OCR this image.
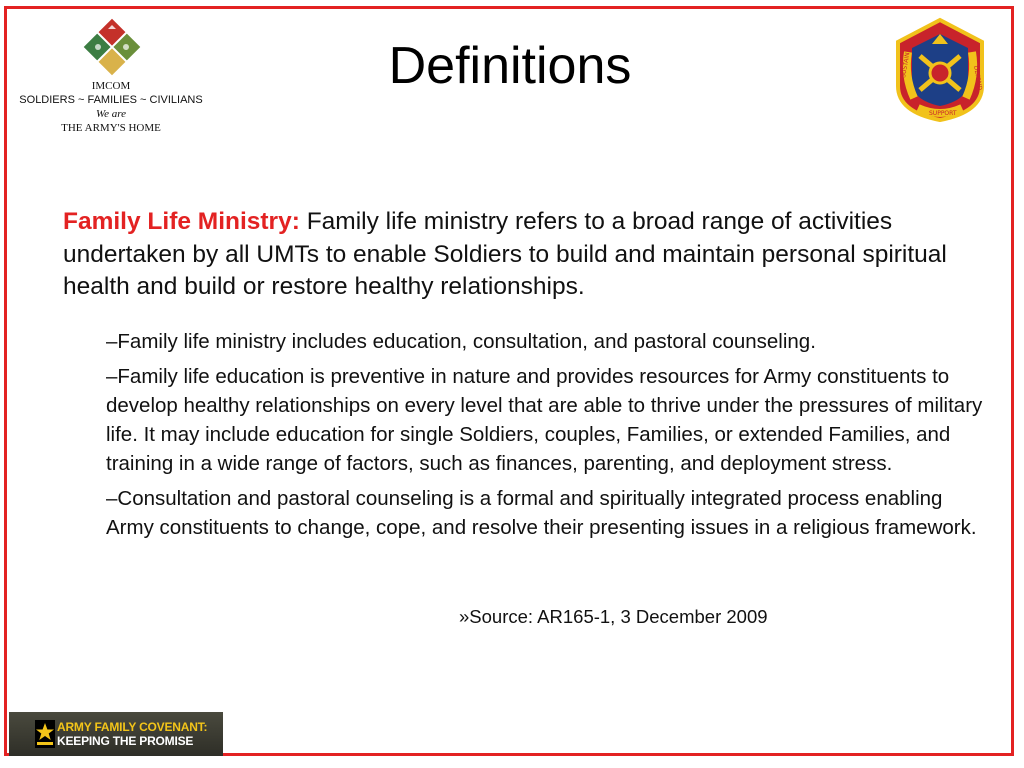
IMCOM
SOLDIERS ~ FAMILIES ~ CIVILIANS
We are
THE ARMY'S HOME
Definitions	SUSTAIN
SUPPORT
DEFEND
Family Life Ministry: Family life ministry refers to a broad range of activities undertaken by all UMTs to enable Soldiers to build and maintain personal spiritual health and build or restore healthy relationships.
–Family life ministry includes education, consultation, and pastoral counseling.
–Family life education is preventive in nature and provides resources for Army constituents to develop healthy relationships on every level that are able to thrive under the pressures of military life. It may include education for single Soldiers, couples, Families, or extended Families, and training in a wide range of factors, such as finances, parenting, and deployment stress.
–Consultation and pastoral counseling is a formal and spiritually integrated process enabling Army constituents to change, cope, and resolve their presenting issues in a religious framework.
»Source: AR165-1, 3 December 2009
ARMY FAMILY COVENANT:
KEEPING THE PROMISE
